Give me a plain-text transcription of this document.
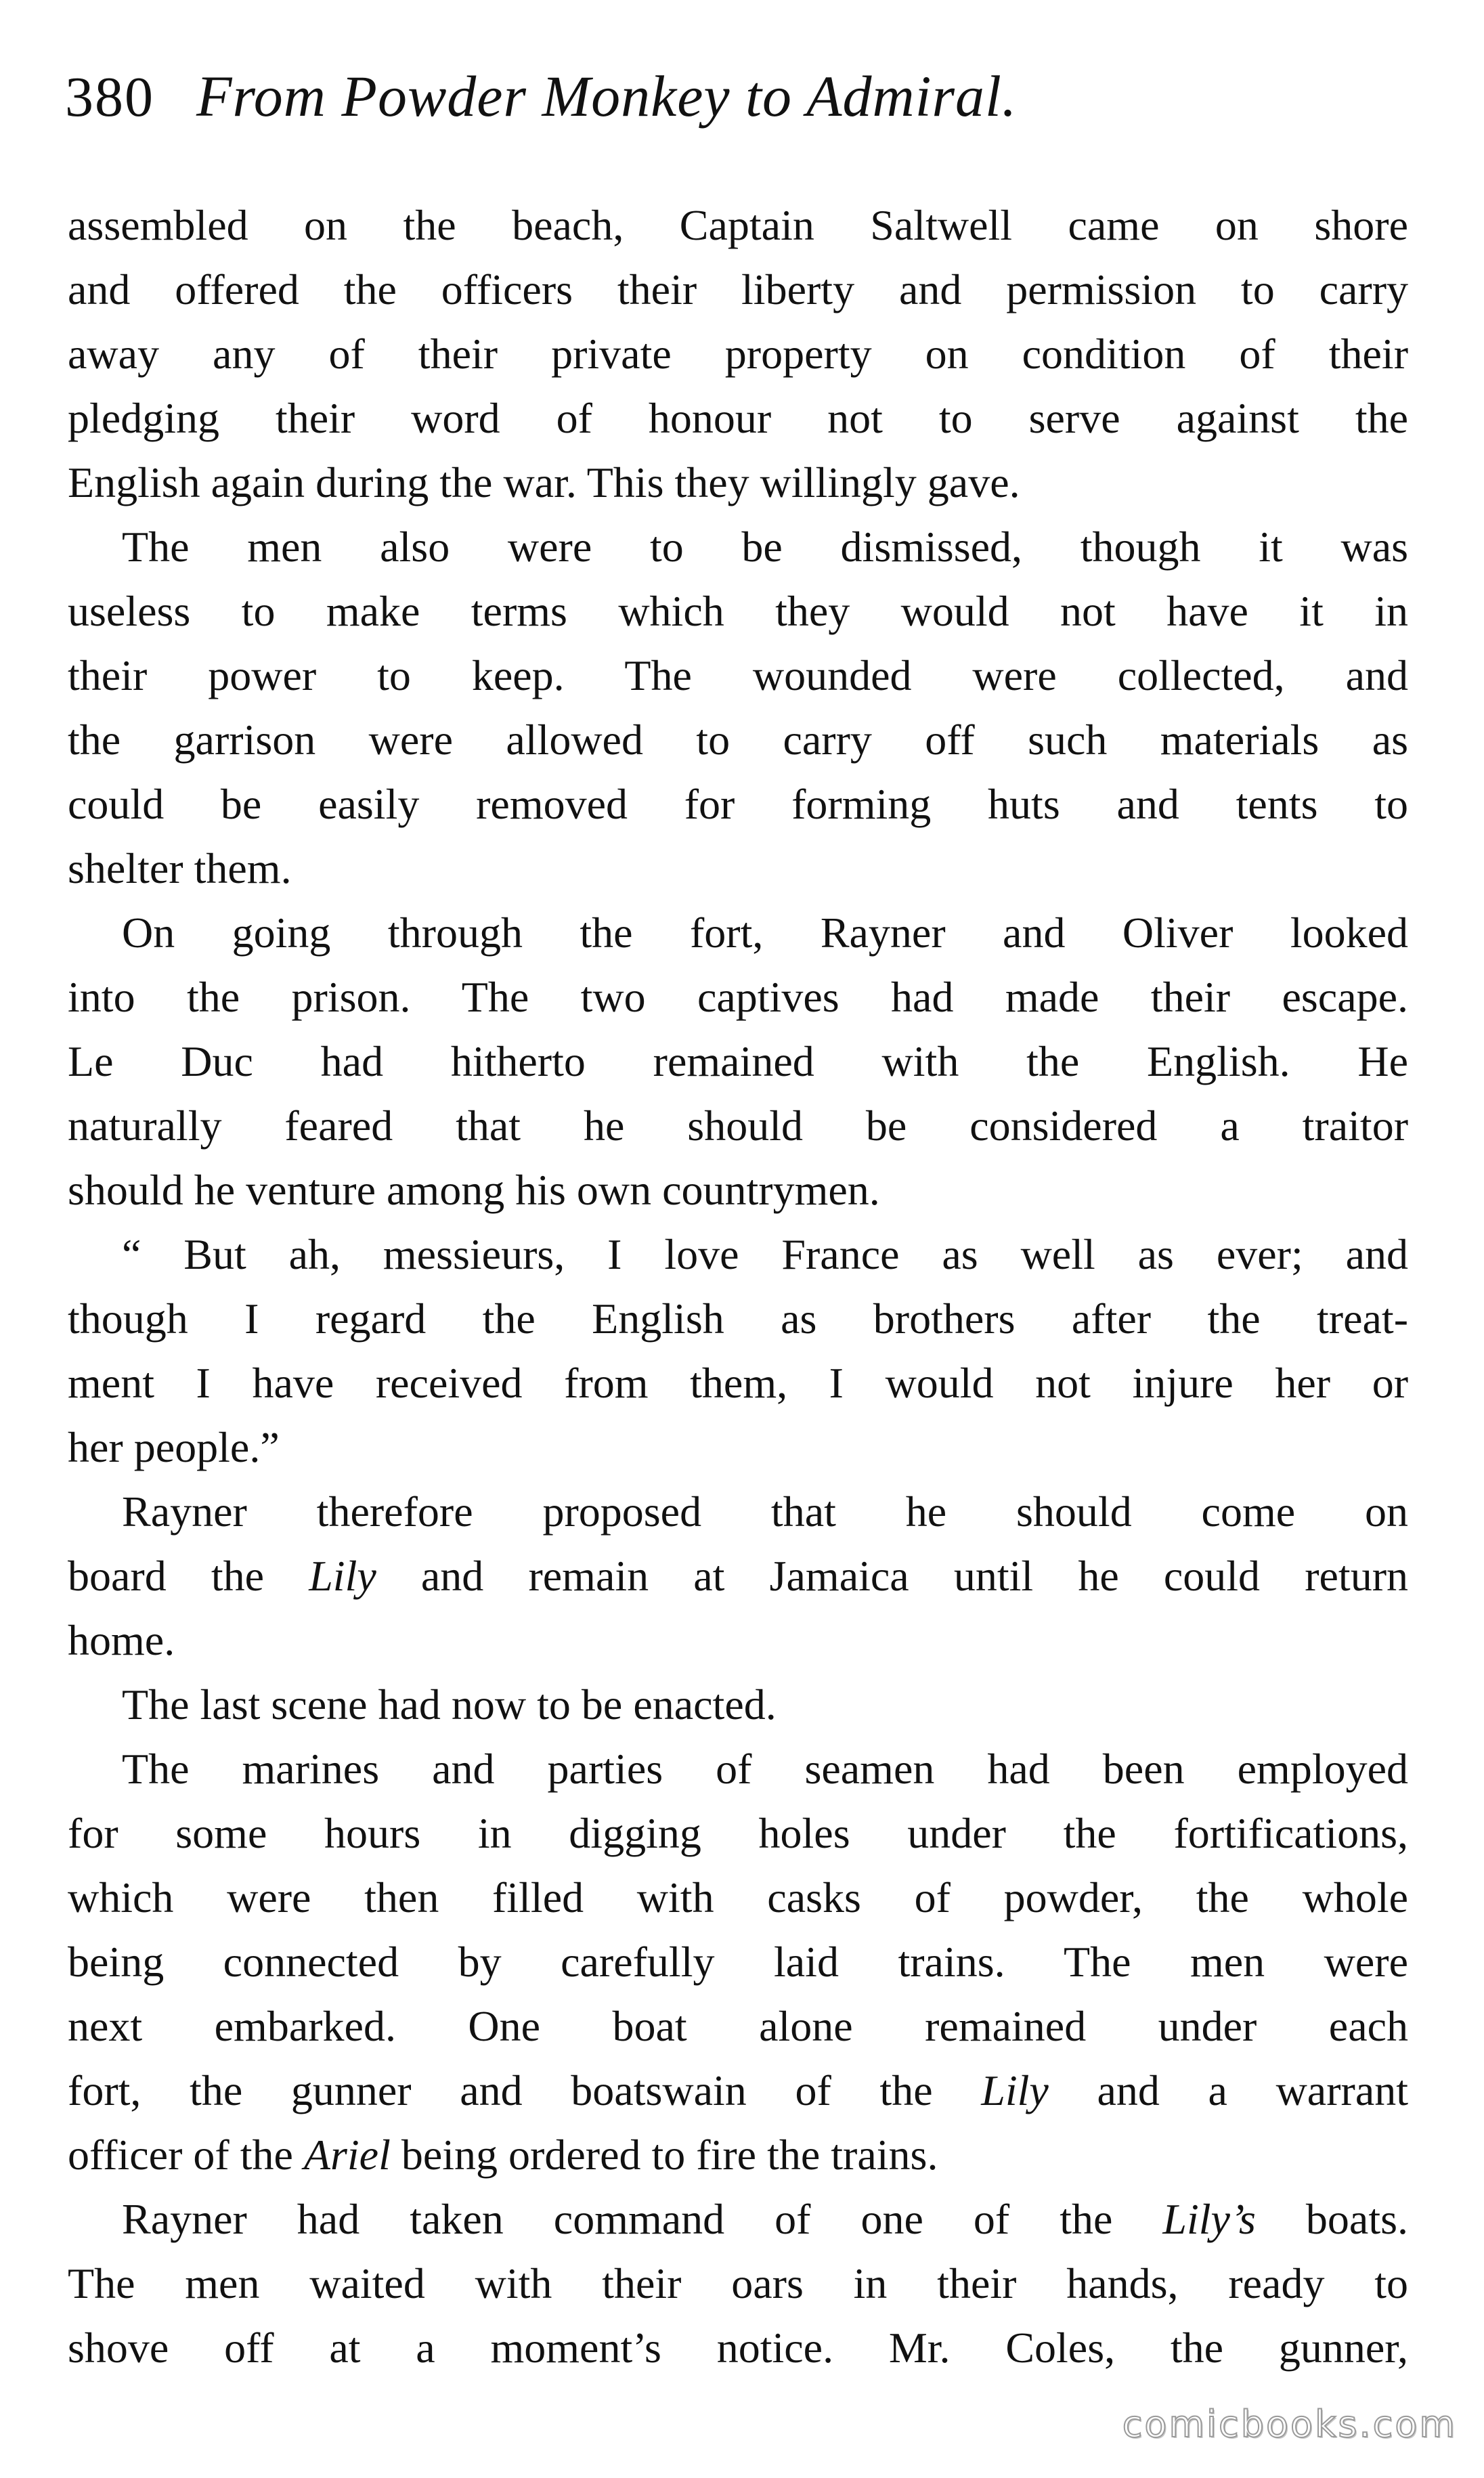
380 From Powder Monkey to Admiral.
assembled on the beach, Captain Saltwell came on shore
and offered the officers their liberty and permission to carry
away any of their private property on condition of their
pledging their word of honour not to serve against the
English again during the war. This they willingly gave.
The men also were to be dismissed, though it was
useless to make terms which they would not have it in
their power to keep. The wounded were collected, and
the garrison were allowed to carry off such materials as
could be easily removed for forming huts and tents to
shelter them.
On going through the fort, Rayner and Oliver looked
into the prison. The two captives had made their escape.
Le Duc had hitherto remained with the English. He
naturally feared that he should be considered a traitor
should he venture among his own countrymen.
“ But ah, messieurs, I love France as well as ever; and
though I regard the English as brothers after the treat-
ment I have received from them, I would not injure her or
her people.”
Rayner therefore proposed that he should come on
board the Lily and remain at Jamaica until he could return
home.
The last scene had now to be enacted.
The marines and parties of seamen had been employed
for some hours in digging holes under the fortifications,
which were then filled with casks of powder, the whole
being connected by carefully laid trains. The men were
next embarked. One boat alone remained under each
fort, the gunner and boatswain of the Lily and a warrant
officer of the Ariel being ordered to fire the trains.
Rayner had taken command of one of the Lily’s boats.
The men waited with their oars in their hands, ready to
shove off at a moment’s notice. Mr. Coles, the gunner,
comicbooks.com
